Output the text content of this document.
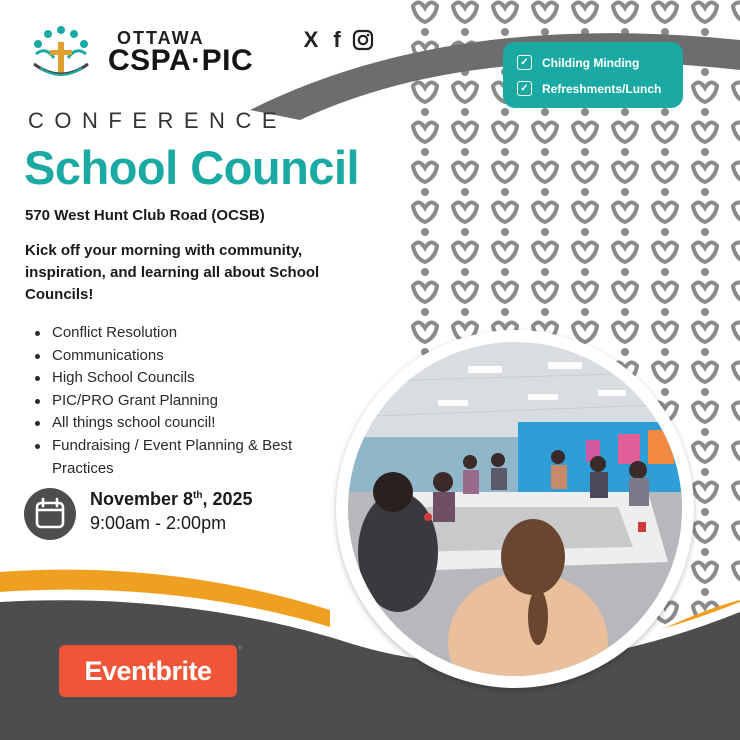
OTTAWA
CSPA·PIC
X f
✓ Childing Minding
✓ Refreshments/Lunch
CONFERENCE
School Council
570 West Hunt Club Road (OCSB)
Kick off your morning with community, inspiration, and learning all about School Councils!
Conflict Resolution
Communications
High School Councils
PIC/PRO Grant Planning
All things school council!
Fundraising / Event Planning & Best Practices
November 8th, 2025
9:00am - 2:00pm
Eventbrite
®
